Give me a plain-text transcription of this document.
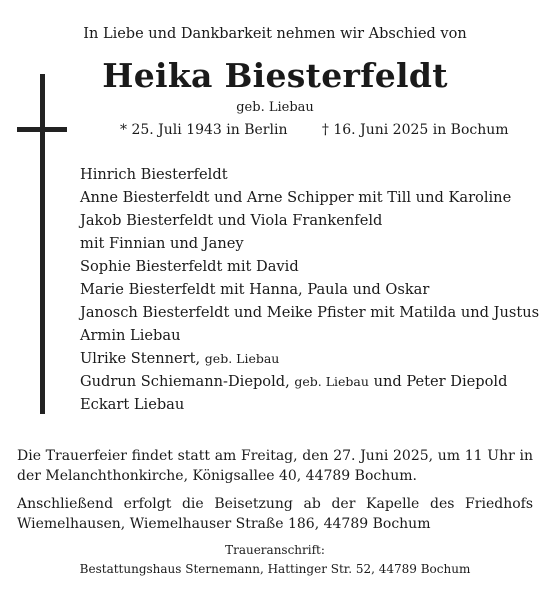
In Liebe und Dankbarkeit nehmen wir Abschied von
Heika Biesterfeldt
geb. Liebau
* 25. Juli 1943 in Berlin † 16. Juni 2025 in Bochum
Hinrich Biesterfeldt
Anne Biesterfeldt und Arne Schipper mit Till und Karoline
Jakob Biesterfeldt und Viola Frankenfeld
mit Finnian und Janey
Sophie Biesterfeldt mit David
Marie Biesterfeldt mit Hanna, Paula und Oskar
Janosch Biesterfeldt und Meike Pfister mit Matilda und Justus
Armin Liebau
Ulrike Stennert, geb. Liebau
Gudrun Schiemann-Diepold, geb. Liebau und Peter Diepold
Eckart Liebau
Die Trauerfeier findet statt am Freitag, den 27. Juni 2025, um 11 Uhr in der Melanchthonkirche, Königsallee 40, 44789 Bochum.
Anschließend erfolgt die Beisetzung ab der Kapelle des Friedhofs Wiemelhausen, Wiemelhauser Straße 186, 44789 Bochum
Traueranschrift:
Bestattungshaus Sternemann, Hattinger Str. 52, 44789 Bochum
